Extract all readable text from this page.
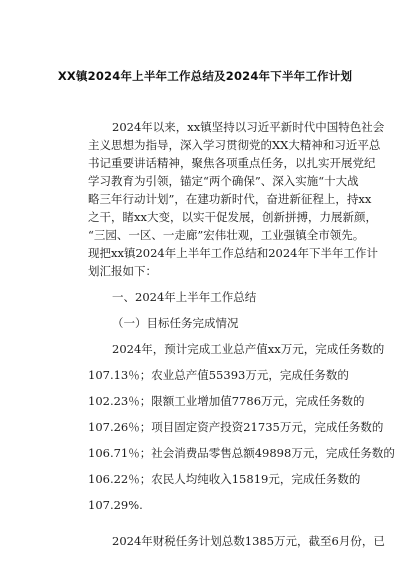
XX镇2024年上半年工作总结及2024年下半年工作计划
2024年以来，xx镇坚持以习近平新时代中国特色社会
主义思想为指导，深入学习贯彻党的XX大精神和习近平总
书记重要讲话精神，聚焦各项重点任务，以扎实开展党纪
学习教育为引领，锚定“两个确保”、深入实施“十大战
略三年行动计划”，在建功新时代，奋进新征程上，持xx
之干，睹xx大变，以实干促发展，创新拼搏，力展新颜，
“三园、一区、一走廊”宏伟壮观，工业强镇全市领先。
现把xx镇2024年上半年工作总结和2024年下半年工作计
划汇报如下：
一、2024年上半年工作总结
（一）目标任务完成情况
2024年，预计完成工业总产值xx万元，完成任务数的
107.13％；农业总产值55393万元，完成任务数的
102.23％；限额工业增加值7786万元，完成任务数的
107.26％；项目固定资产投资21735万元，完成任务数的
106.71％；社会消费品零售总额49898万元，完成任务数的
106.22％；农民人均纯收入15819元，完成任务数的
107.29%.
2024年财税任务计划总数1385万元，截至6月份，已
